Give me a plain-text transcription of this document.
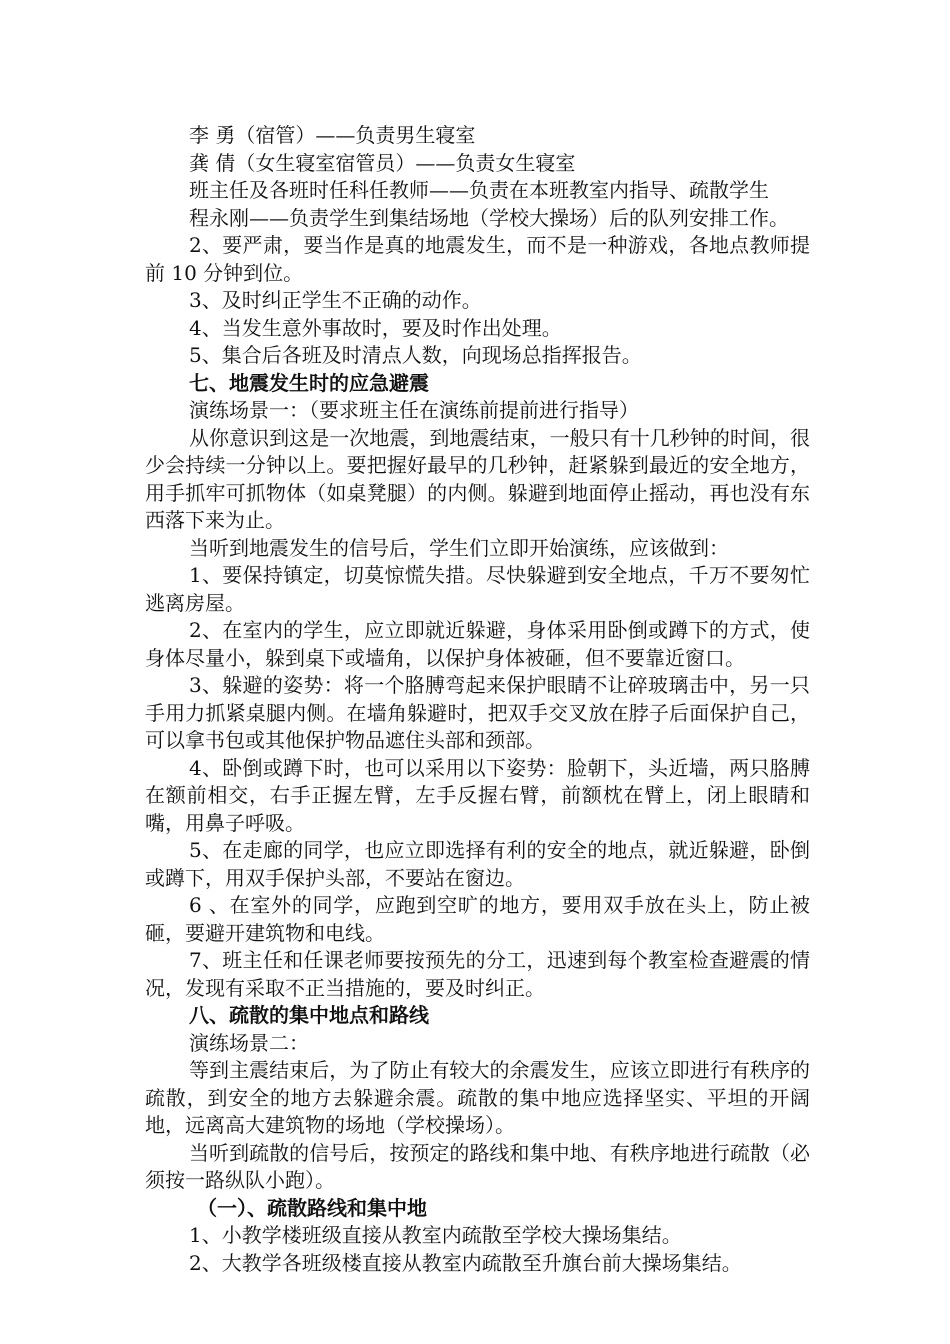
李 勇（宿管）——负责男生寝室

龚 倩（女生寝室宿管员）——负责女生寝室

班主任及各班时任科任教师——负责在本班教室内指导、疏散学生

程永刚——负责学生到集结场地（学校大操场）后的队列安排工作。

2、要严肃，要当作是真的地震发生，而不是一种游戏，各地点教师提前 10 分钟到位。

3、及时纠正学生不正确的动作。

4、当发生意外事故时，要及时作出处理。

5、集合后各班及时清点人数，向现场总指挥报告。

七、地震发生时的应急避震

演练场景一：（要求班主任在演练前提前进行指导）

从你意识到这是一次地震，到地震结束，一般只有十几秒钟的时间，很少会持续一分钟以上。要把握好最早的几秒钟，赶紧躲到最近的安全地方，用手抓牢可抓物体（如桌凳腿）的内侧。躲避到地面停止摇动，再也没有东西落下来为止。

当听到地震发生的信号后，学生们立即开始演练，应该做到：

1、要保持镇定，切莫惊慌失措。尽快躲避到安全地点，千万不要匆忙逃离房屋。

2、在室内的学生，应立即就近躲避，身体采用卧倒或蹲下的方式，使身体尽量小，躲到桌下或墙角，以保护身体被砸，但不要靠近窗口。

3、躲避的姿势：将一个胳膊弯起来保护眼睛不让碎玻璃击中，另一只手用力抓紧桌腿内侧。在墙角躲避时，把双手交叉放在脖子后面保护自己，可以拿书包或其他保护物品遮住头部和颈部。

4、卧倒或蹲下时，也可以采用以下姿势：脸朝下，头近墙，两只胳膊在额前相交，右手正握左臂，左手反握右臂，前额枕在臂上，闭上眼睛和嘴，用鼻子呼吸。

5、在走廊的同学，也应立即选择有利的安全的地点，就近躲避，卧倒或蹲下，用双手保护头部，不要站在窗边。

6 、在室外的同学，应跑到空旷的地方，要用双手放在头上，防止被砸，要避开建筑物和电线。

7、班主任和任课老师要按预先的分工，迅速到每个教室检查避震的情况，发现有采取不正当措施的，要及时纠正。

八、疏散的集中地点和路线

演练场景二：

等到主震结束后，为了防止有较大的余震发生，应该立即进行有秩序的疏散，到安全的地方去躲避余震。疏散的集中地应选择坚实、平坦的开阔地，远离高大建筑物的场地（学校操场）。

当听到疏散的信号后，按预定的路线和集中地、有秩序地进行疏散（必须按一路纵队小跑）。

（一）、疏散路线和集中地

1、小教学楼班级直接从教室内疏散至学校大操场集结。

2、大教学各班级楼直接从教室内疏散至升旗台前大操场集结。
